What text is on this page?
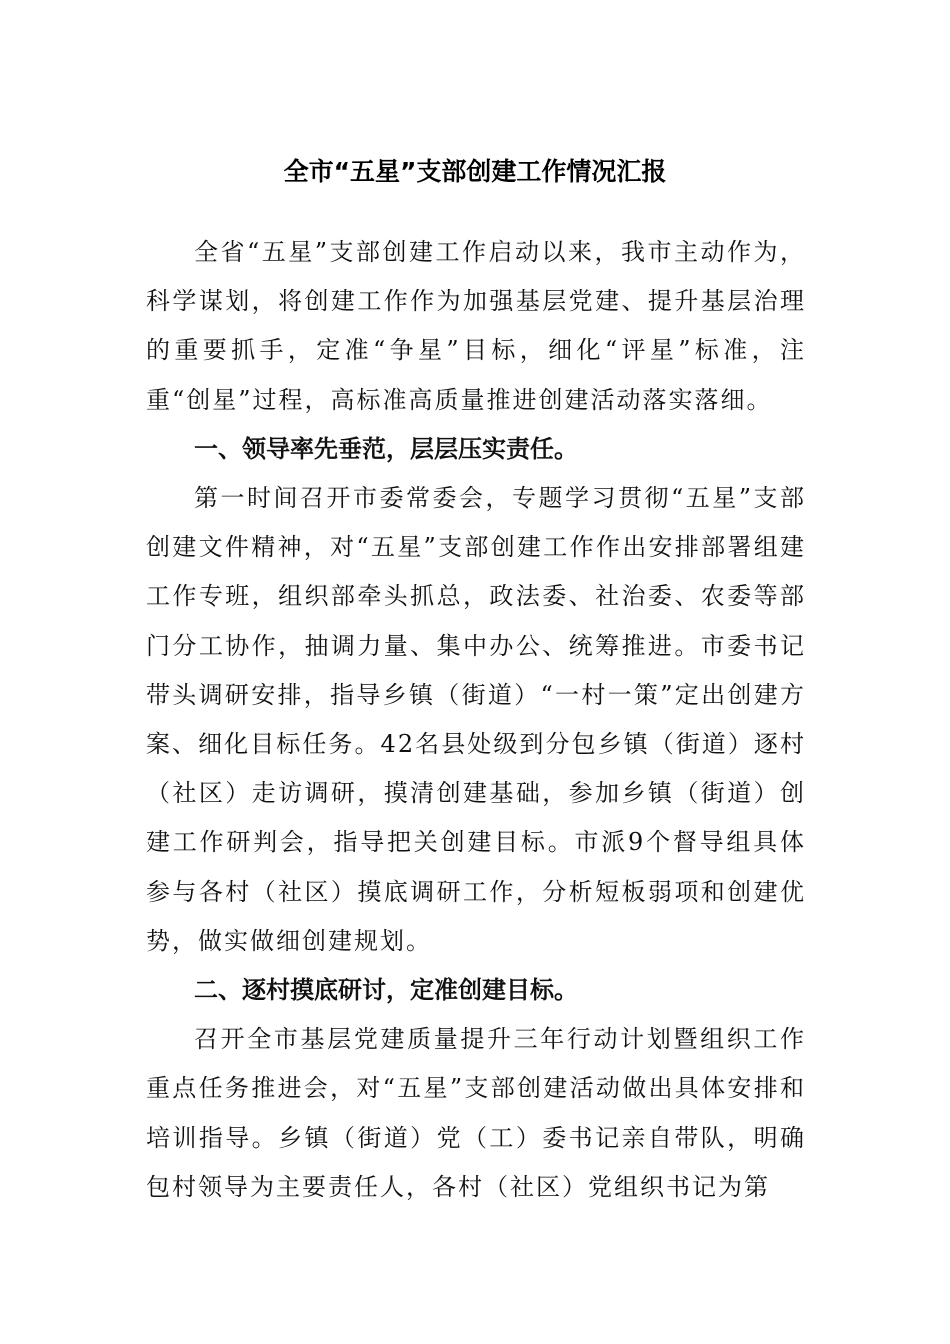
全市“五星”支部创建工作情况汇报

全省“五星”支部创建工作启动以来，我市主动作为，科学谋划，将创建工作作为加强基层党建、提升基层治理的重要抓手，定准“争星”目标，细化“评星”标准，注重“创星”过程，高标准高质量推进创建活动落实落细。

一、领导率先垂范，层层压实责任。

第一时间召开市委常委会，专题学习贯彻“五星”支部创建文件精神，对“五星”支部创建工作作出安排部署组建工作专班，组织部牵头抓总，政法委、社治委、农委等部门分工协作，抽调力量、集中办公、统筹推进。市委书记带头调研安排，指导乡镇（街道）“一村一策”定出创建方案、细化目标任务。42名县处级到分包乡镇（街道）逐村（社区）走访调研，摸清创建基础，参加乡镇（街道）创建工作研判会，指导把关创建目标。市派9个督导组具体参与各村（社区）摸底调研工作，分析短板弱项和创建优势，做实做细创建规划。

二、逐村摸底研讨，定准创建目标。

召开全市基层党建质量提升三年行动计划暨组织工作重点任务推进会，对“五星”支部创建活动做出具体安排和培训指导。乡镇（街道）党（工）委书记亲自带队，明确包村领导为主要责任人，各村（社区）党组织书记为第
